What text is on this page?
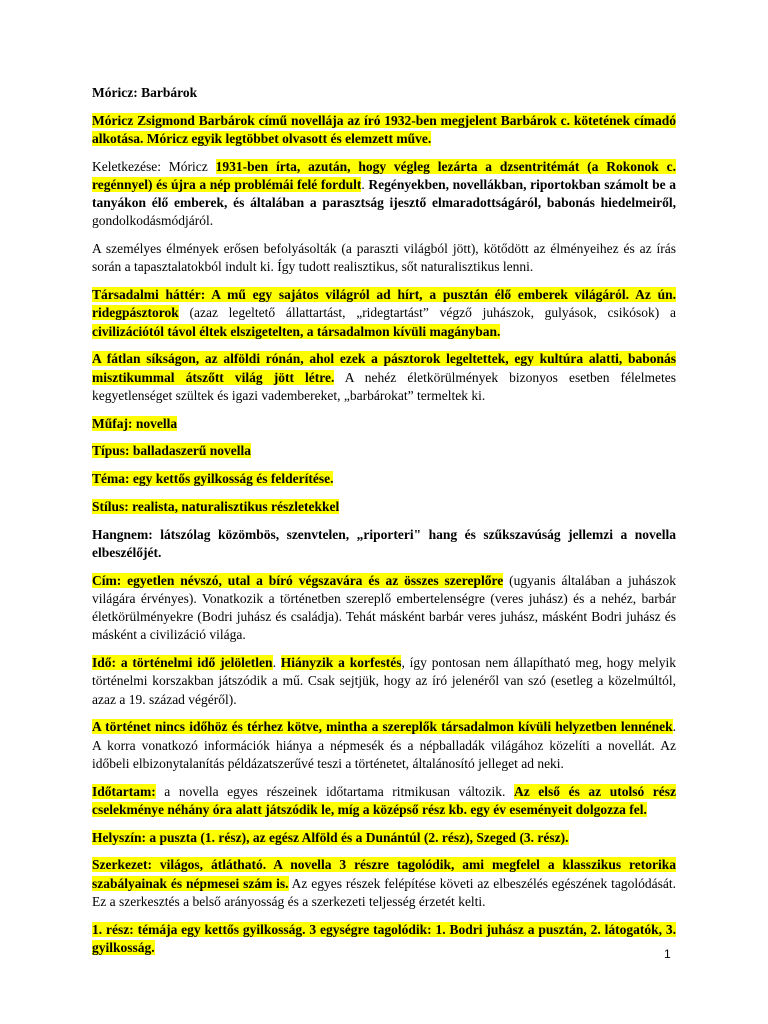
Móricz: Barbárok

Móricz Zsigmond Barbárok című novellája az író 1932-ben megjelent Barbárok c. kötetének címadó alkotása. Móricz egyik legtöbbet olvasott és elemzett műve.

Keletkezése: Móricz 1931-ben írta, azután, hogy végleg lezárta a dzsentritémát (a Rokonok c. regénnyel) és újra a nép problémái felé fordult. Regényekben, novellákban, riportokban számolt be a tanyákon élő emberek, és általában a parasztság ijesztő elmaradottságáról, babonás hiedelmeiről, gondolkodásmódjáról.

A személyes élmények erősen befolyásolták (a paraszti világból jött), kötődött az élményeihez és az írás során a tapasztalatokból indult ki. Így tudott realisztikus, sőt naturalisztikus lenni.

Társadalmi háttér: A mű egy sajátos világról ad hírt, a pusztán élő emberek világáról. Az ún. ridegpásztorok (azaz legeltető állattartást, „ridegtartást” végző juhászok, gulyások, csikósok) a civilizációtól távol éltek elszigetelten, a társadalmon kívüli magányban.

A fátlan síkságon, az alföldi rónán, ahol ezek a pásztorok legeltettek, egy kultúra alatti, babonás misztikummal átszőtt világ jött létre. A nehéz életkörülmények bizonyos esetben félelmetes kegyetlenséget szültek és igazi vadembereket, „barbárokat” termeltek ki.

Műfaj: novella

Típus: balladaszerű novella

Téma: egy kettős gyilkosság és felderítése.

Stílus: realista, naturalisztikus részletekkel

Hangnem: látszólag közömbös, szenvtelen, „riporteri" hang és szűkszavúság jellemzi a novella elbeszélőjét.

Cím: egyetlen névszó, utal a bíró végszavára és az összes szereplőre (ugyanis általában a juhászok világára érvényes). Vonatkozik a történetben szereplő embertelenségre (veres juhász) és a nehéz, barbár életkörülményekre (Bodri juhász és családja). Tehát másként barbár veres juhász, másként Bodri juhász és másként a civilizáció világa.

Idő: a történelmi idő jelöletlen. Hiányzik a korfestés, így pontosan nem állapítható meg, hogy melyik történelmi korszakban játszódik a mű. Csak sejtjük, hogy az író jelenéről van szó (esetleg a közelmúltól, azaz a 19. század végéről).

A történet nincs időhöz és térhez kötve, mintha a szereplők társadalmon kívüli helyzetben lennének. A korra vonatkozó információk hiánya a népmesék és a népballadák világához közelíti a novellát. Az időbeli elbizonytalanítás példázatszerűvé teszi a történetet, általánosító jelleget ad neki.

Időtartam: a novella egyes részeinek időtartama ritmikusan változik. Az első és az utolsó rész cselekménye néhány óra alatt játszódik le, míg a középső rész kb. egy év eseményeit dolgozza fel.

Helyszín: a puszta (1. rész), az egész Alföld és a Dunántúl (2. rész), Szeged (3. rész).

Szerkezet: világos, átlátható. A novella 3 részre tagolódik, ami megfelel a klasszikus retorika szabályainak és népmesei szám is. Az egyes részek felépítése követi az elbeszélés egészének tagolódását. Ez a szerkesztés a belső arányosság és a szerkezeti teljesség érzetét kelti.

1. rész: témája egy kettős gyilkosság. 3 egységre tagolódik: 1. Bodri juhász a pusztán, 2. látogatók, 3. gyilkosság.	1
